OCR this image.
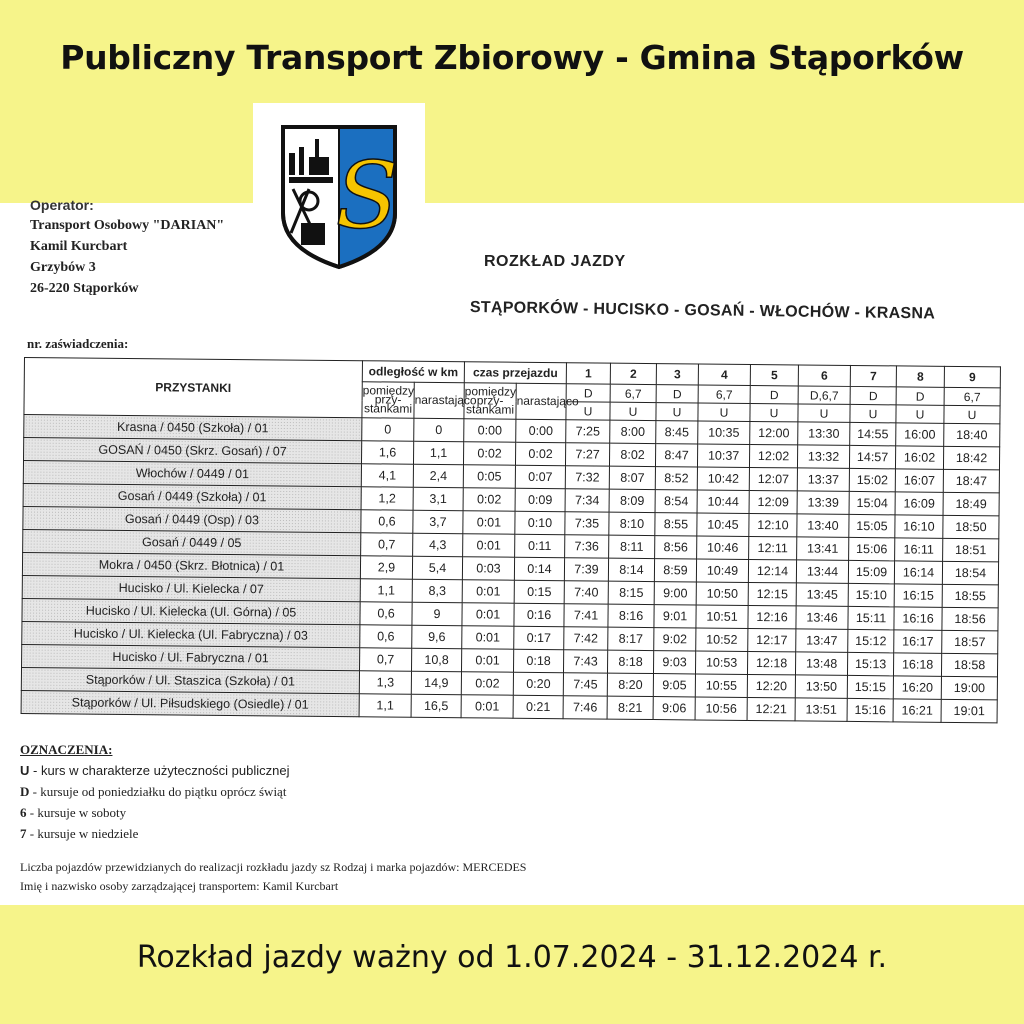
Publiczny Transport Zbiorowy - Gmina Stąporków
Operator:
Transport Osobowy "DARIAN"
Kamil Kurcbart
Grzybów 3
26-220 Stąporków
ROZKŁAD JAZDY
STĄPORKÓW - HUCISKO - GOSAŃ - WŁOCHÓW - KRASNA
nr. zaświadczenia:
PRZYSTANKI	odległość w km		czas przejazdu		1	2	3	4	5	6	7	8	9
	pomiędzy przy-stankami	narastająco	pomiędzy przy-stankami	narastająco	D	6,7	D	6,7	D	D,6,7	D	D	6,7
					U	U	U	U	U	U	U	U	U
Krasna / 0450 (Szkoła) / 01	0	0	0:00	0:00	7:25	8:00	8:45	10:35	12:00	13:30	14:55	16:00	18:40
GOSAŃ / 0450 (Skrz. Gosań) / 07	1,6	1,1	0:02	0:02	7:27	8:02	8:47	10:37	12:02	13:32	14:57	16:02	18:42
Włochów / 0449 / 01	4,1	2,4	0:05	0:07	7:32	8:07	8:52	10:42	12:07	13:37	15:02	16:07	18:47
Gosań / 0449 (Szkoła) / 01	1,2	3,1	0:02	0:09	7:34	8:09	8:54	10:44	12:09	13:39	15:04	16:09	18:49
Gosań / 0449 (Osp) / 03	0,6	3,7	0:01	0:10	7:35	8:10	8:55	10:45	12:10	13:40	15:05	16:10	18:50
Gosań / 0449 / 05	0,7	4,3	0:01	0:11	7:36	8:11	8:56	10:46	12:11	13:41	15:06	16:11	18:51
Mokra / 0450 (Skrz. Błotnica) / 01	2,9	5,4	0:03	0:14	7:39	8:14	8:59	10:49	12:14	13:44	15:09	16:14	18:54
Hucisko / Ul. Kielecka / 07	1,1	8,3	0:01	0:15	7:40	8:15	9:00	10:50	12:15	13:45	15:10	16:15	18:55
Hucisko / Ul. Kielecka (Ul. Górna) / 05	0,6	9	0:01	0:16	7:41	8:16	9:01	10:51	12:16	13:46	15:11	16:16	18:56
Hucisko / Ul. Kielecka (Ul. Fabryczna) / 03	0,6	9,6	0:01	0:17	7:42	8:17	9:02	10:52	12:17	13:47	15:12	16:17	18:57
Hucisko / Ul. Fabryczna / 01	0,7	10,8	0:01	0:18	7:43	8:18	9:03	10:53	12:18	13:48	15:13	16:18	18:58
Stąporków / Ul. Staszica (Szkoła) / 01	1,3	14,9	0:02	0:20	7:45	8:20	9:05	10:55	12:20	13:50	15:15	16:20	19:00
Stąporków / Ul. Piłsudskiego (Osiedle) / 01	1,1	16,5	0:01	0:21	7:46	8:21	9:06	10:56	12:21	13:51	15:16	16:21	19:01
OZNACZENIA:
U - kurs w charakterze użyteczności publicznej
D - kursuje od poniedziałku do piątku oprócz świąt
6 - kursuje w soboty
7 - kursuje w niedziele
Liczba pojazdów przewidzianych do realizacji rozkładu jazdy sz Rodzaj i marka pojazdów: MERCEDES
Imię i nazwisko osoby zarządzającej transportem: Kamil Kurcbart
S
Rozkład jazdy ważny od 1.07.2024 - 31.12.2024 r.
